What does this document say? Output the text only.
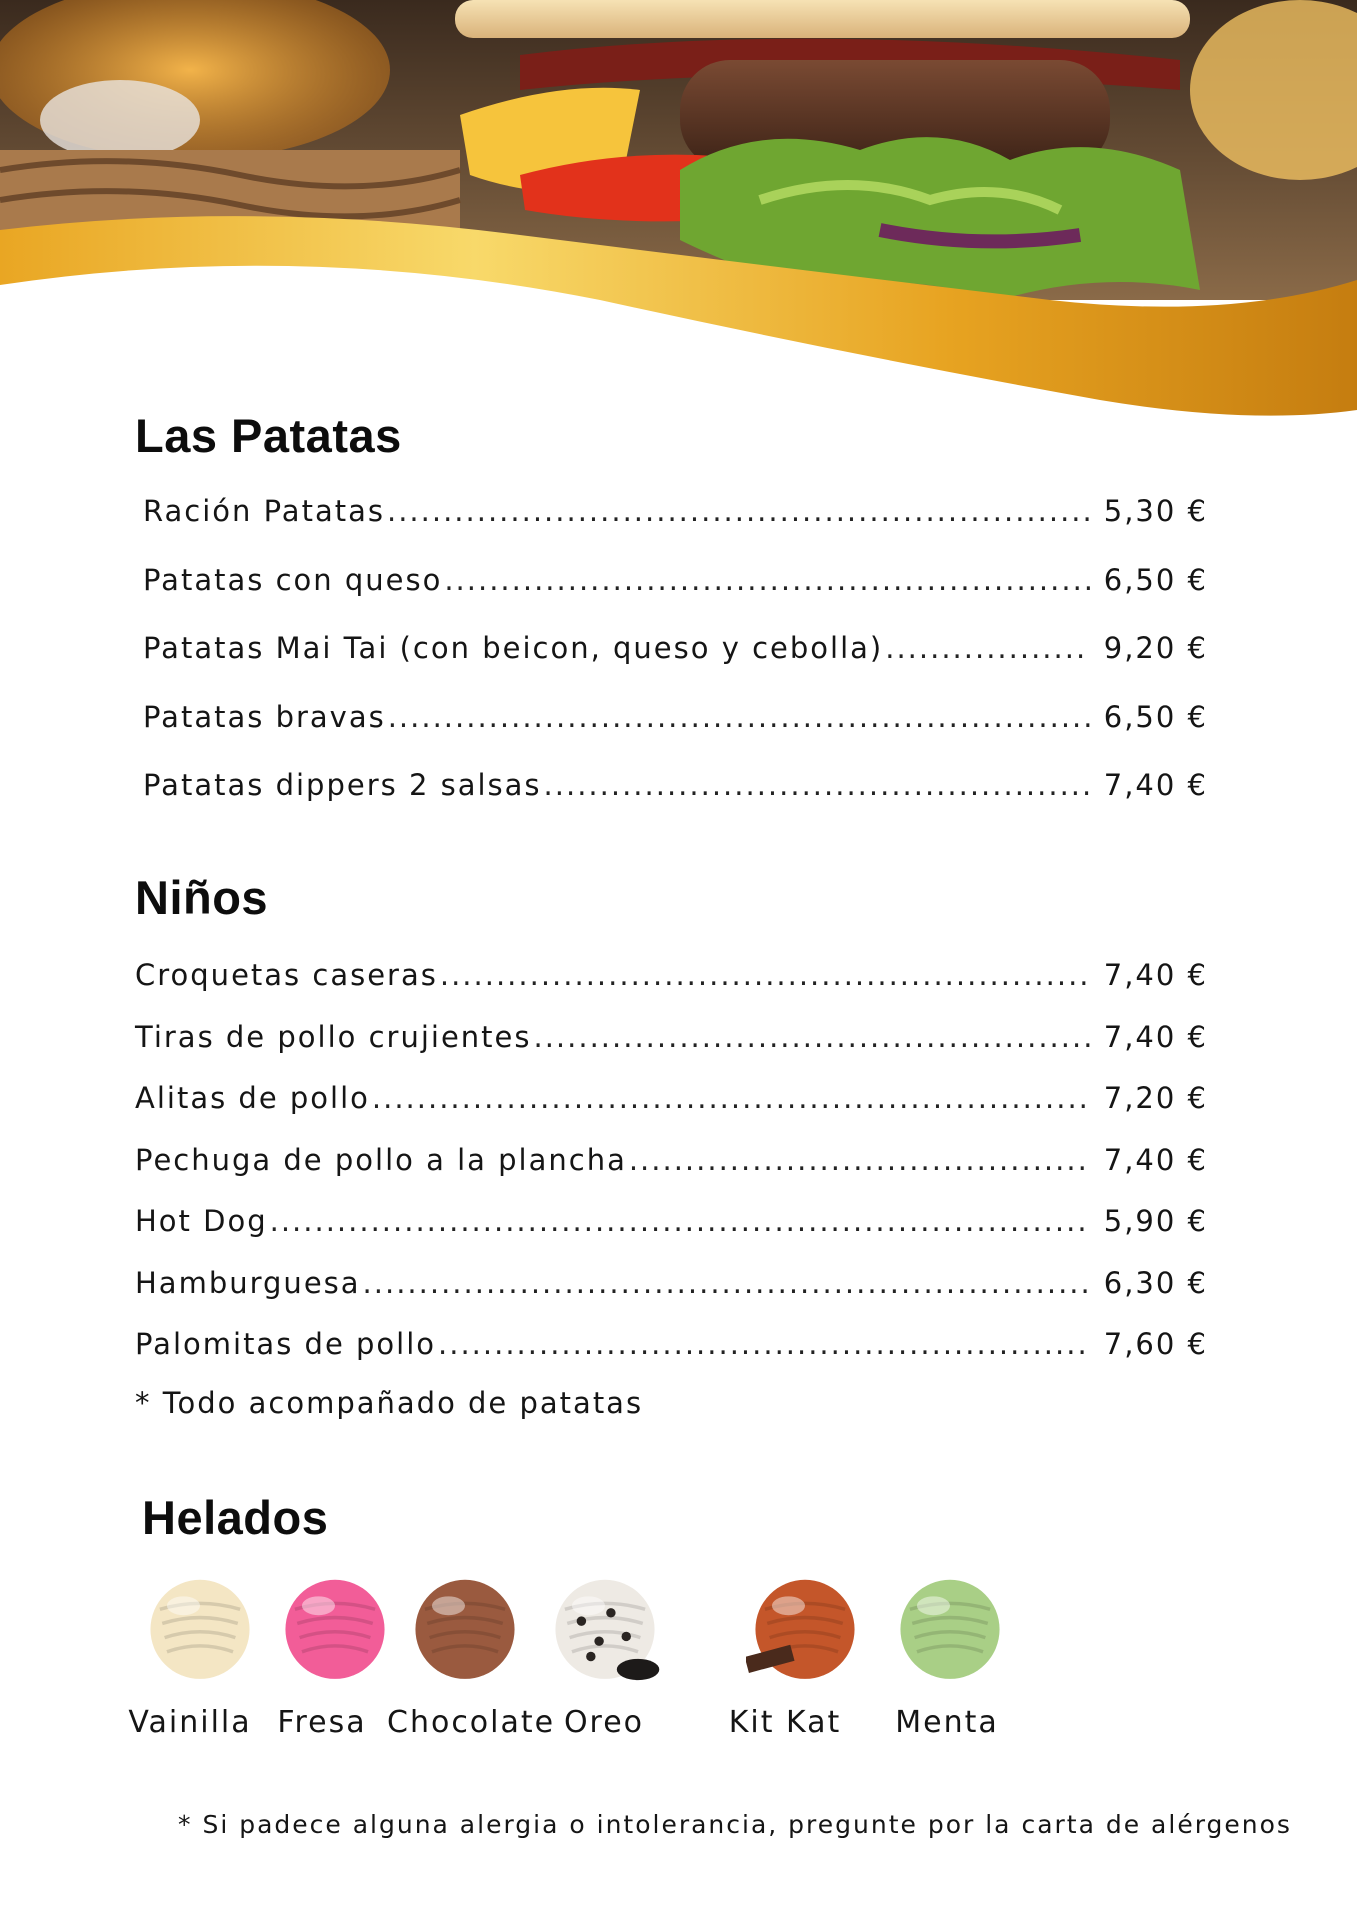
Las Patatas
Ración Patatas .....	5,30 €
Patatas con queso .....	6,50 €
Patatas Mai Tai (con beicon, queso y cebolla) .....	9,20 €
Patatas bravas .....	6,50 €
Patatas dippers 2 salsas .....	7,40 €
Niños
Croquetas caseras .....	7,40 €
Tiras de pollo crujientes .....	7,40 €
Alitas de pollo .....	7,20 €
Pechuga de pollo a la plancha .....	7,40 €
Hot Dog .....	5,90 €
Hamburguesa .....	6,30 €
Palomitas de pollo .....	7,60 €
* Todo acompañado de patatas
Helados
Vainilla Fresa Chocolate Oreo	Kit Kat	Menta
* Si padece alguna alergia o intolerancia, pregunte por la carta de alérgenos
